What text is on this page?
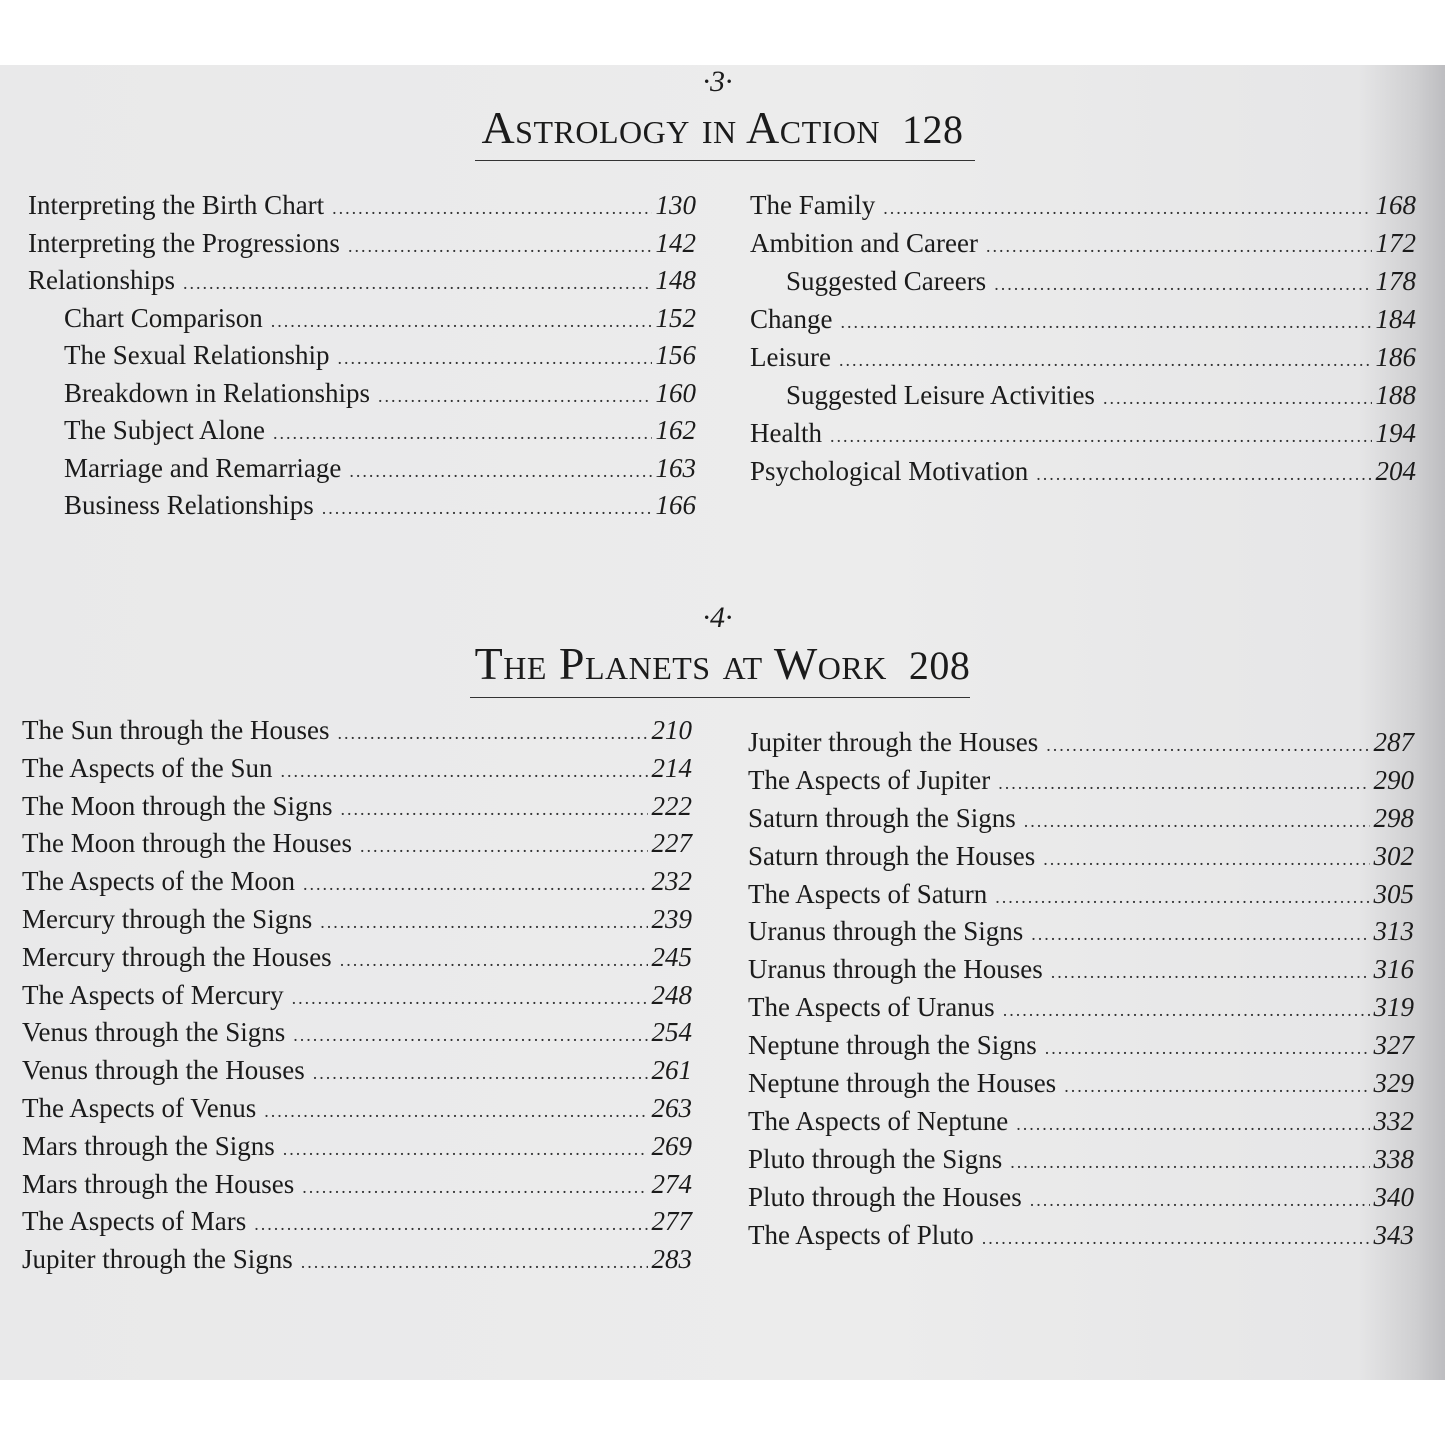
·3·
Astrology in Action 128
Interpreting the Birth Chart .....	130
Interpreting the Progressions .....	142
Relationships .....	148
Chart Comparison .....	152
The Sexual Relationship .....	156
Breakdown in Relationships .....	160
The Subject Alone .....	162
Marriage and Remarriage .....	163
Business Relationships .....	166
The Family .....	168
Ambition and Career .....	172
Suggested Careers .....	178
Change .....	184
Leisure .....	186
Suggested Leisure Activities .....	188
Health .....	194
Psychological Motivation .....	204
·4·
The Planets at Work 208
The Sun through the Houses .....	210
The Aspects of the Sun .....	214
The Moon through the Signs .....	222
The Moon through the Houses .....	227
The Aspects of the Moon .....	232
Mercury through the Signs .....	239
Mercury through the Houses .....	245
The Aspects of Mercury .....	248
Venus through the Signs .....	254
Venus through the Houses .....	261
The Aspects of Venus .....	263
Mars through the Signs .....	269
Mars through the Houses .....	274
The Aspects of Mars .....	277
Jupiter through the Signs .....	283
Jupiter through the Houses .....	287
The Aspects of Jupiter .....	290
Saturn through the Signs .....	298
Saturn through the Houses .....	302
The Aspects of Saturn .....	305
Uranus through the Signs .....	313
Uranus through the Houses .....	316
The Aspects of Uranus .....	319
Neptune through the Signs .....	327
Neptune through the Houses .....	329
The Aspects of Neptune .....	332
Pluto through the Signs .....	338
Pluto through the Houses .....	340
The Aspects of Pluto .....	343
